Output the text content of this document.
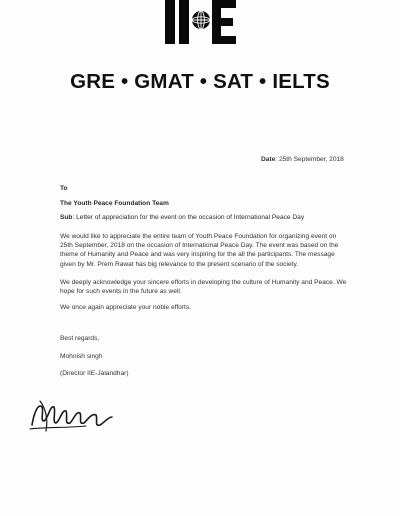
GRE • GMAT • SAT • IELTS
Date: 25th September, 2018
To
The Youth Peace Foundation Team
Sub: Letter of appreciation for the event on the occasion of International Peace Day
We would like to appreciate the entire team of Youth Peace Foundation for organizing event on 25th September, 2018 on the occasion of International Peace Day. The event was based on the theme of Humanity and Peace and was very inspiring for the all the participants. The message given by Mr. Prem Rawat has big relevance to the present scenario of the society.
We deeply acknowledge your sincere efforts in developing the culture of Humanity and Peace. We hope for such events in the future as well.
We once again appreciate your noble efforts.
Best regards,
Mohnish singh
(Director IIE-Jalandhar)
